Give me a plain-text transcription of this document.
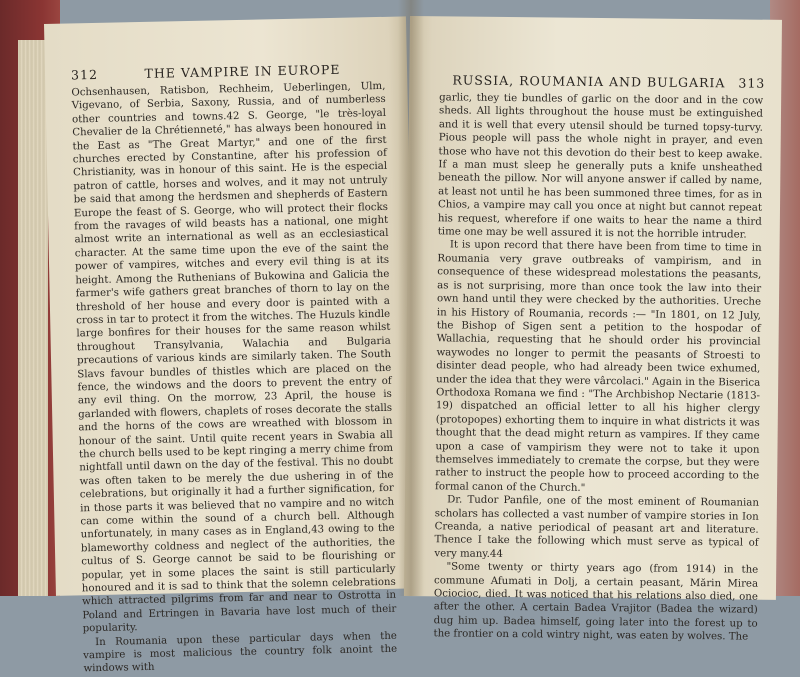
312	THE VAMPIRE IN EUROPE

Ochsenhausen, Ratisbon, Rechheim, Ueberlingen, Ulm, Vigevano, of Serbia, Saxony, Russia, and of numberless other countries and towns.42 S. George, "le très-loyal Chevalier de la Chrétienneté," has always been honoured in the East as "The Great Martyr," and one of the first churches erected by Constantine, after his profession of Christianity, was in honour of this saint. He is the especial patron of cattle, horses and wolves, and it may not untruly be said that among the herdsmen and shepherds of Eastern Europe the feast of S. George, who will protect their flocks from the ravages of wild beasts has a national, one might almost write an international as well as an ecclesiastical character. At the same time upon the eve of the saint the power of vampires, witches and every evil thing is at its height. Among the Ruthenians of Bukowina and Galicia the farmer's wife gathers great branches of thorn to lay on the threshold of her house and every door is painted with a cross in tar to protect it from the witches. The Huzuls kindle large bonfires for their houses for the same reason whilst throughout Transylvania, Walachia and Bulgaria precautions of various kinds are similarly taken. The South Slavs favour bundles of thistles which are placed on the fence, the windows and the doors to prevent the entry of any evil thing. On the morrow, 23 April, the house is garlanded with flowers, chaplets of roses decorate the stalls and the horns of the cows are wreathed with blossom in honour of the saint. Until quite recent years in Swabia all the church bells used to be kept ringing a merry chime from nightfall until dawn on the day of the festival. This no doubt was often taken to be merely the due ushering in of the celebrations, but originally it had a further signification, for in those parts it was believed that no vampire and no witch can come within the sound of a church bell. Although unfortunately, in many cases as in England,43 owing to the blameworthy coldness and neglect of the authorities, the cultus of S. George cannot be said to be flourishing or popular, yet in some places the saint is still particularly honoured and it is sad to think that the solemn celebrations which attracted pilgrims from far and near to Ostrotta in Poland and Ertringen in Bavaria have lost much of their popularity.

In Roumania upon these particular days when the vampire is most malicious the country folk anoint the windows with

RUSSIA, ROUMANIA AND BULGARIA 313

garlic, they tie bundles of garlic on the door and in the cow sheds. All lights throughout the house must be extinguished and it is well that every utensil should be turned topsy-turvy. Pious people will pass the whole night in prayer, and even those who have not this devotion do their best to keep awake. If a man must sleep he generally puts a knife unsheathed beneath the pillow. Nor will anyone answer if called by name, at least not until he has been summoned three times, for as in Chios, a vampire may call you once at night but cannot repeat his request, wherefore if one waits to hear the name a third time one may be well assured it is not the horrible intruder.

It is upon record that there have been from time to time in Roumania very grave outbreaks of vampirism, and in consequence of these widespread molestations the peasants, as is not surprising, more than once took the law into their own hand until they were checked by the authorities. Ureche in his History of Roumania, records :— "In 1801, on 12 July, the Bishop of Sigen sent a petition to the hospodar of Wallachia, requesting that he should order his provincial waywodes no longer to permit the peasants of Stroesti to disinter dead people, who had already been twice exhumed, under the idea that they were vârcolaci." Again in the Biserica Orthodoxa Romana we find : "The Archbishop Nectarie (1813-19) dispatched an official letter to all his higher clergy (protopopes) exhorting them to inquire in what districts it was thought that the dead might return as vampires. If they came upon a case of vampirism they were not to take it upon themselves immediately to cremate the corpse, but they were rather to instruct the people how to proceed according to the formal canon of the Church."

Dr. Tudor Panfile, one of the most eminent of Roumanian scholars has collected a vast number of vampire stories in Ion Creanda, a native periodical of peasant art and literature. Thence I take the following which must serve as typical of very many.44

"Some twenty or thirty years ago (from 1914) in the commune Afumati in Dolj, a certain peasant, Mărin Mirea Ociocioc, died. It was noticed that his relations also died, one after the other. A certain Badea Vrajitor (Badea the wizard) dug him up. Badea himself, going later into the forest up to the frontier on a cold wintry night, was eaten by wolves. The
